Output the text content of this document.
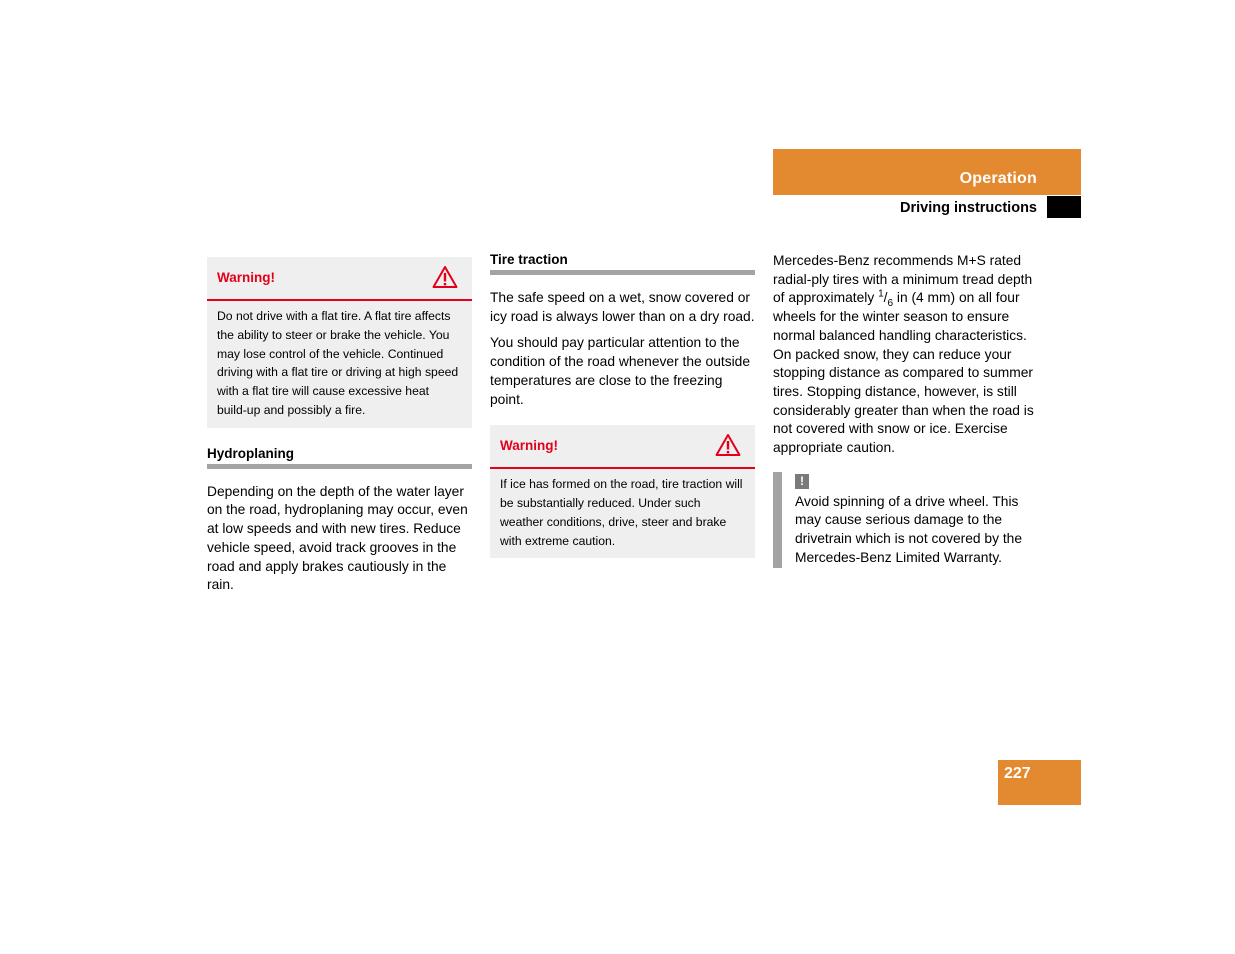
Operation
Driving instructions
Warning!
Do not drive with a flat tire. A flat tire affects the ability to steer or brake the vehicle. You may lose control of the vehicle. Continued driving with a flat tire or driving at high speed with a flat tire will cause excessive heat build-up and possibly a fire.
Hydroplaning

Depending on the depth of the water layer on the road, hydroplaning may occur, even at low speeds and with new tires. Reduce vehicle speed, avoid track grooves in the road and apply brakes cautiously in the rain.

Tire traction

The safe speed on a wet, snow covered or icy road is always lower than on a dry road.

You should pay particular attention to the condition of the road whenever the outside temperatures are close to the freezing point.

Warning!
If ice has formed on the road, tire traction will be substantially reduced. Under such weather conditions, drive, steer and brake with extreme caution.

Mercedes-Benz recommends M+S rated radial-ply tires with a minimum tread depth of approximately $^1/_6$ in (4 mm) on all four wheels for the winter season to ensure normal balanced handling characteristics. On packed snow, they can reduce your stopping distance as compared to summer tires. Stopping distance, however, is still considerably greater than when the road is not covered with snow or ice. Exercise appropriate caution.

!
Avoid spinning of a drive wheel. This may cause serious damage to the drivetrain which is not covered by the Mercedes-Benz Limited Warranty.
227
